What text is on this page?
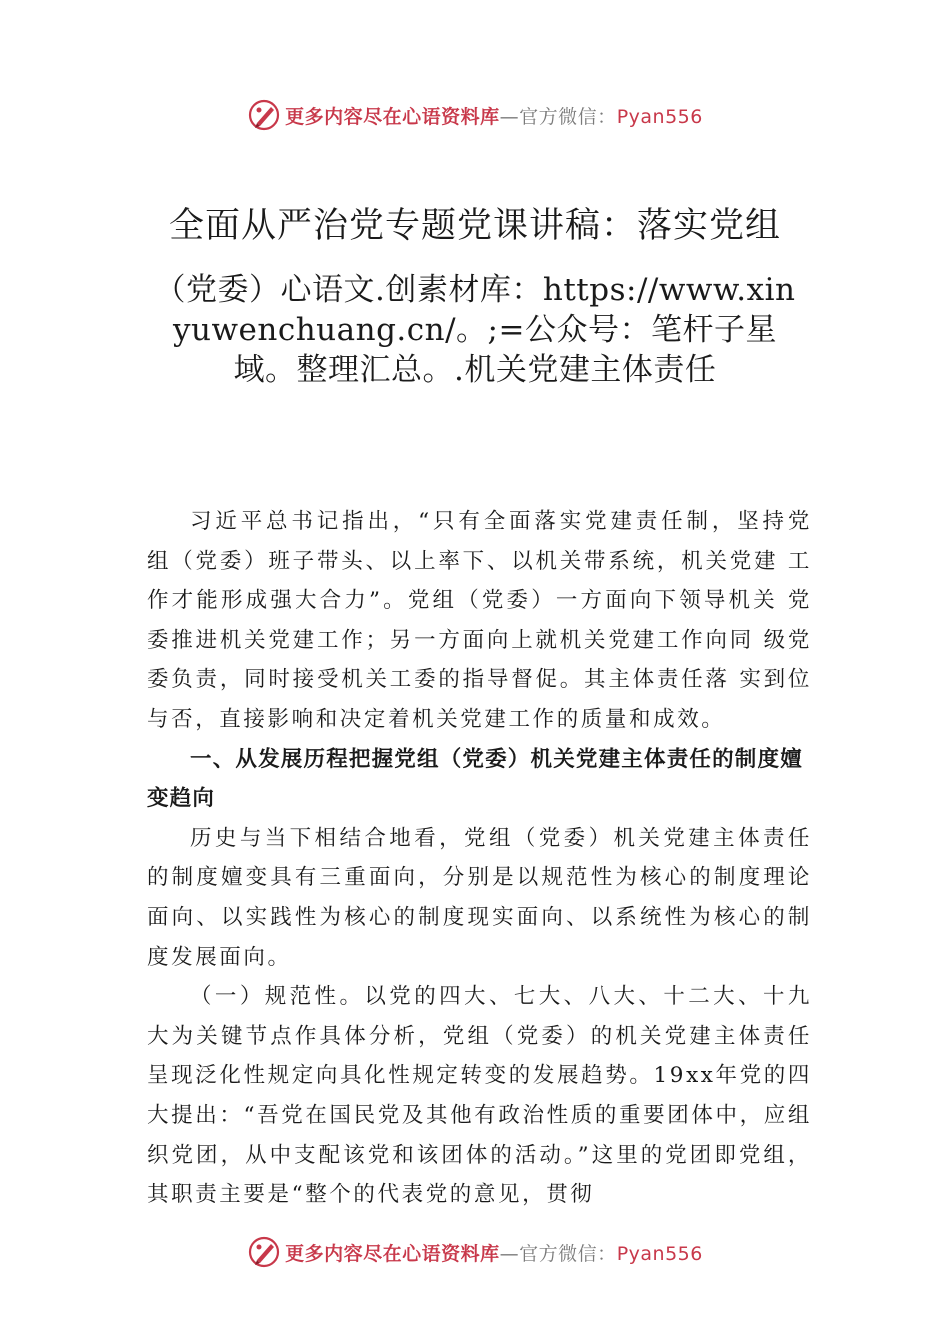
更多内容尽在心语资料库—官方微信：Pyan556
全面从严治党专题党课讲稿：落实党组
（党委）心语文.创素材库：https://www.xinyuwenchuang.cn/。;=公众号：笔杆子星域。整理汇总。.机关党建主体责任

习近平总书记指出，“只有全面落实党建责任制，坚持党 组（党委）班子带头、以上率下、以机关带系统，机关党建 工作才能形成强大合力”。党组（党委）一方面向下领导机关 党委推进机关党建工作；另一方面向上就机关党建工作向同 级党委负责，同时接受机关工委的指导督促。其主体责任落 实到位与否，直接影响和决定着机关党建工作的质量和成效。

一、从发展历程把握党组（党委）机关党建主体责任的制度嬗变趋向

历史与当下相结合地看，党组（党委）机关党建主体责任的制度嬗变具有三重面向，分别是以规范性为核心的制度理论面向、以实践性为核心的制度现实面向、以系统性为核心的制度发展面向。

（一）规范性。以党的四大、七大、八大、十二大、十九大为关键节点作具体分析，党组（党委）的机关党建主体责任呈现泛化性规定向具化性规定转变的发展趋势。19xx年党的四大提出：“吾党在国民党及其他有政治性质的重要团体中，应组织党团，从中支配该党和该团体的活动。”这里的党团即党组，其职责主要是“整个的代表党的意见，贯彻

更多内容尽在心语资料库—官方微信：Pyan556
